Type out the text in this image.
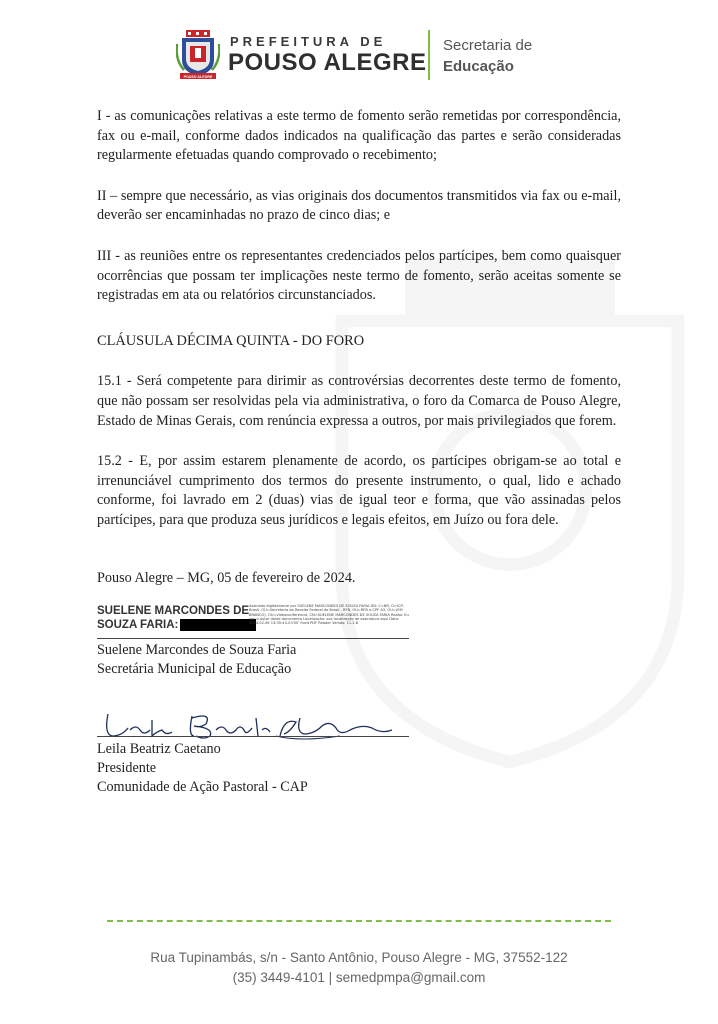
POUSO ALEGRE
PREFEITURA DE
POUSO ALEGRE
Secretaria de
Educação

I - as comunicações relativas a este termo de fomento serão remetidas por correspondência, fax ou e-mail, conforme dados indicados na qualificação das partes e serão consideradas regularmente efetuadas quando comprovado o recebimento;

II – sempre que necessário, as vias originais dos documentos transmitidos via fax ou e-mail, deverão ser encaminhadas no prazo de cinco dias; e

III - as reuniões entre os representantes credenciados pelos partícipes, bem como quaisquer ocorrências que possam ter implicações neste termo de fomento, serão aceitas somente se registradas em ata ou relatórios circunstanciados.

CLÁUSULA DÉCIMA QUINTA - DO FORO

15.1 - Será competente para dirimir as controvérsias decorrentes deste termo de fomento, que não possam ser resolvidas pela via administrativa, o foro da Comarca de Pouso Alegre, Estado de Minas Gerais, com renúncia expressa a outros, por mais privilegiados que forem.

15.2 - E, por assim estarem plenamente de acordo, os partícipes obrigam-se ao total e irrenunciável cumprimento dos termos do presente instrumento, o qual, lido e achado conforme, foi lavrado em 2 (duas) vias de igual teor e forma, que vão assinadas pelos partícipes, para que produza seus jurídicos e legais efeitos, em Juízo ou fora dele.

Pouso Alegre – MG, 05 de fevereiro de 2024.

SUELENE MARCONDES DE
SOUZA FARIA:
Assinado digitalmente por SUELENE MARCONDES DE SOUZA FARIA DN: C=BR, O=ICP-Brasil, OU=Secretaria da Receita Federal do Brasil - RFB, OU=RFB e-CPF A3, OU=(EM BRANCO), OU=videoconferencia, CN=SUELENE MARCONDES DE SOUZA FARIA Razão: Eu sou o autor deste documento Localização: sua localização de assinatura aqui Data: 2024.02.06 13:35:43-03'00' Foxit PDF Reader Versão: 11.2.8
Suelene Marcondes de Souza Faria
Secretária Municipal de Educação
Leila Beatriz Caetano
Presidente
Comunidade de Ação Pastoral - CAP
Rua Tupinambás, s/n - Santo Antônio, Pouso Alegre - MG, 37552-122
(35) 3449-4101 | semedpmpa@gmail.com
